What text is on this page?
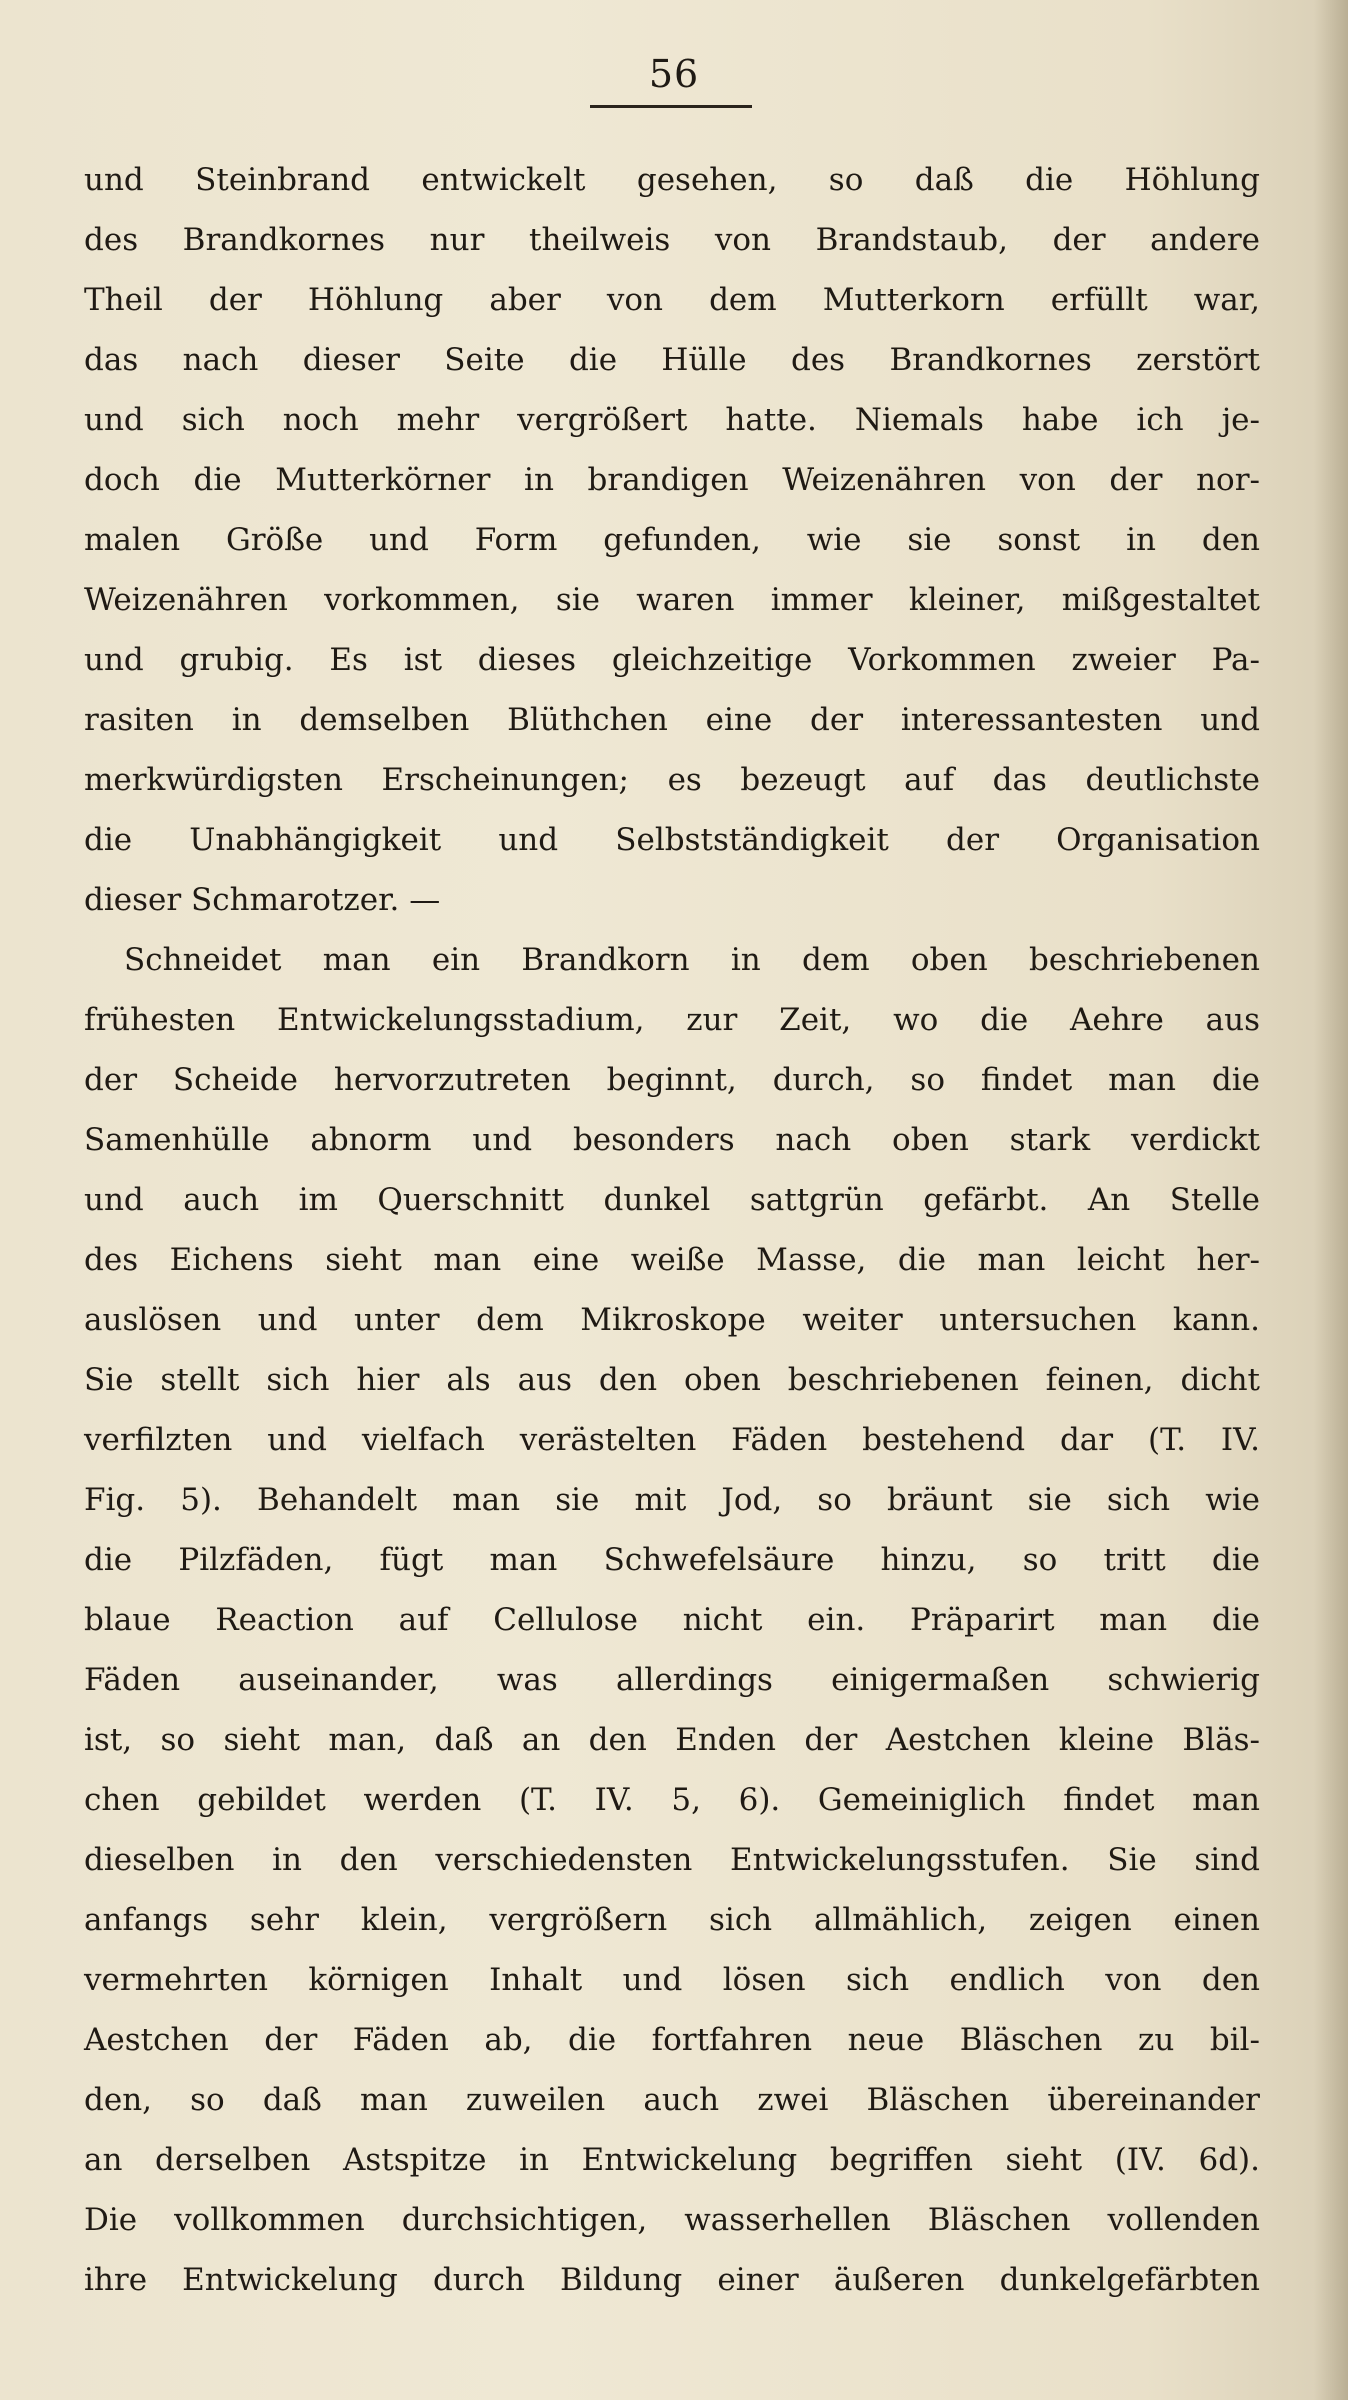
56
und Steinbrand entwickelt gesehen, so daß die Höhlung
des Brandkornes nur theilweis von Brandstaub, der andere
Theil der Höhlung aber von dem Mutterkorn erfüllt war,
das nach dieser Seite die Hülle des Brandkornes zerstört
und sich noch mehr vergrößert hatte. Niemals habe ich je-
doch die Mutterkörner in brandigen Weizenähren von der nor-
malen Größe und Form gefunden, wie sie sonst in den
Weizenähren vorkommen, sie waren immer kleiner, mißgestaltet
und grubig. Es ist dieses gleichzeitige Vorkommen zweier Pa-
rasiten in demselben Blüthchen eine der interessantesten und
merkwürdigsten Erscheinungen; es bezeugt auf das deutlichste
die Unabhängigkeit und Selbstständigkeit der Organisation
dieser Schmarotzer. —
Schneidet man ein Brandkorn in dem oben beschriebenen
frühesten Entwickelungsstadium, zur Zeit, wo die Aehre aus
der Scheide hervorzutreten beginnt, durch, so findet man die
Samenhülle abnorm und besonders nach oben stark verdickt
und auch im Querschnitt dunkel sattgrün gefärbt. An Stelle
des Eichens sieht man eine weiße Masse, die man leicht her-
auslösen und unter dem Mikroskope weiter untersuchen kann.
Sie stellt sich hier als aus den oben beschriebenen feinen, dicht
verfilzten und vielfach verästelten Fäden bestehend dar (T. IV.
Fig. 5). Behandelt man sie mit Jod, so bräunt sie sich wie
die Pilzfäden, fügt man Schwefelsäure hinzu, so tritt die
blaue Reaction auf Cellulose nicht ein. Präparirt man die
Fäden auseinander, was allerdings einigermaßen schwierig
ist, so sieht man, daß an den Enden der Aestchen kleine Bläs-
chen gebildet werden (T. IV. 5, 6). Gemeiniglich findet man
dieselben in den verschiedensten Entwickelungsstufen. Sie sind
anfangs sehr klein, vergrößern sich allmählich, zeigen einen
vermehrten körnigen Inhalt und lösen sich endlich von den
Aestchen der Fäden ab, die fortfahren neue Bläschen zu bil-
den, so daß man zuweilen auch zwei Bläschen übereinander
an derselben Astspitze in Entwickelung begriffen sieht (IV. 6d).
Die vollkommen durchsichtigen, wasserhellen Bläschen vollenden
ihre Entwickelung durch Bildung einer äußeren dunkelgefärbten
